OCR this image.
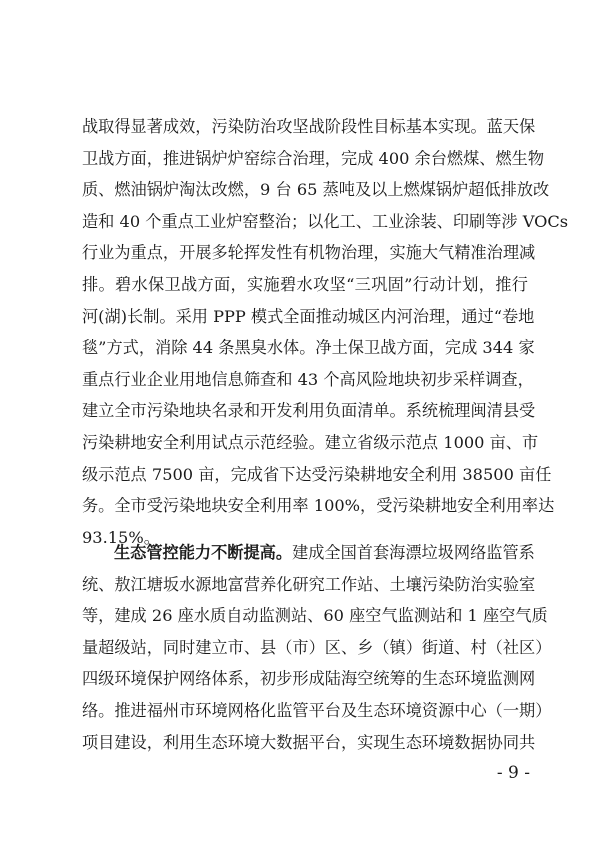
战取得显著成效，污染防治攻坚战阶段性目标基本实现。蓝天保
卫战方面，推进锅炉炉窑综合治理，完成 400 余台燃煤、燃生物
质、燃油锅炉淘汰改燃，9 台 65 蒸吨及以上燃煤锅炉超低排放改
造和 40 个重点工业炉窑整治；以化工、工业涂装、印刷等涉 VOCs
行业为重点，开展多轮挥发性有机物治理，实施大气精准治理减
排。碧水保卫战方面，实施碧水攻坚“三巩固”行动计划，推行
河(湖)长制。采用 PPP 模式全面推动城区内河治理，通过“卷地
毯”方式，消除 44 条黑臭水体。净土保卫战方面，完成 344 家
重点行业企业用地信息筛查和 43 个高风险地块初步采样调查，
建立全市污染地块名录和开发利用负面清单。系统梳理闽清县受
污染耕地安全利用试点示范经验。建立省级示范点 1000 亩、市
级示范点 7500 亩，完成省下达受污染耕地安全利用 38500 亩任
务。全市受污染地块安全利用率 100%，受污染耕地安全利用率达
93.15%。
生态管控能力不断提高。建成全国首套海漂垃圾网络监管系
统、敖江塘坂水源地富营养化研究工作站、土壤污染防治实验室
等，建成 26 座水质自动监测站、60 座空气监测站和 1 座空气质
量超级站，同时建立市、县（市）区、乡（镇）街道、村（社区）
四级环境保护网络体系，初步形成陆海空统筹的生态环境监测网
络。推进福州市环境网格化监管平台及生态环境资源中心（一期）
项目建设，利用生态环境大数据平台，实现生态环境数据协同共
- 9 -
